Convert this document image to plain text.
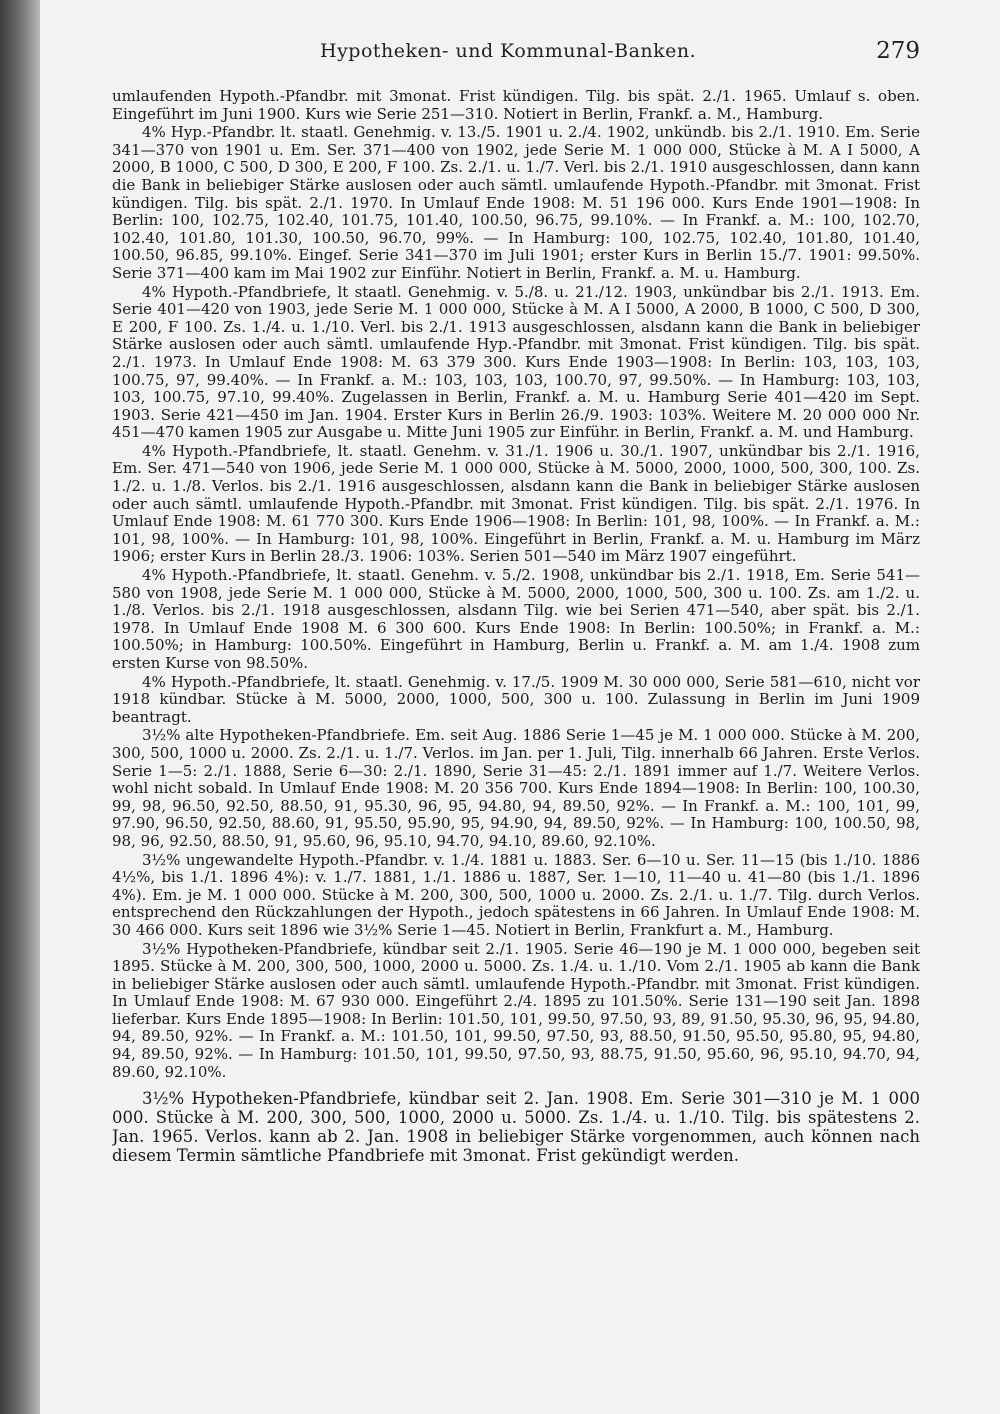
Hypotheken- und Kommunal-Banken.	279

umlaufenden Hypoth.-Pfandbr. mit 3monat. Frist kündigen. Tilg. bis spät. 2./1. 1965. Umlauf s. oben. Eingeführt im Juni 1900. Kurs wie Serie 251—310. Notiert in Berlin, Frankf. a. M., Hamburg.

4% Hyp.-Pfandbr. lt. staatl. Genehmig. v. 13./5. 1901 u. 2./4. 1902, unkündb. bis 2./1. 1910. Em. Serie 341—370 von 1901 u. Em. Ser. 371—400 von 1902, jede Serie M. 1 000 000, Stücke à M. A I 5000, A 2000, B 1000, C 500, D 300, E 200, F 100. Zs. 2./1. u. 1./7. Verl. bis 2./1. 1910 ausgeschlossen, dann kann die Bank in beliebiger Stärke auslosen oder auch sämtl. umlaufende Hypoth.-Pfandbr. mit 3monat. Frist kündigen. Tilg. bis spät. 2./1. 1970. In Umlauf Ende 1908: M. 51 196 000. Kurs Ende 1901—1908: In Berlin: 100, 102.75, 102.40, 101.75, 101.40, 100.50, 96.75, 99.10%. — In Frankf. a. M.: 100, 102.70, 102.40, 101.80, 101.30, 100.50, 96.70, 99%. — In Hamburg: 100, 102.75, 102.40, 101.80, 101.40, 100.50, 96.85, 99.10%. Eingef. Serie 341—370 im Juli 1901; erster Kurs in Berlin 15./7. 1901: 99.50%. Serie 371—400 kam im Mai 1902 zur Einführ. Notiert in Berlin, Frankf. a. M. u. Hamburg.

4% Hypoth.-Pfandbriefe, lt staatl. Genehmig. v. 5./8. u. 21./12. 1903, unkündbar bis 2./1. 1913. Em. Serie 401—420 von 1903, jede Serie M. 1 000 000, Stücke à M. A I 5000, A 2000, B 1000, C 500, D 300, E 200, F 100. Zs. 1./4. u. 1./10. Verl. bis 2./1. 1913 ausgeschlossen, alsdann kann die Bank in beliebiger Stärke auslosen oder auch sämtl. umlaufende Hyp.-Pfandbr. mit 3monat. Frist kündigen. Tilg. bis spät. 2./1. 1973. In Umlauf Ende 1908: M. 63 379 300. Kurs Ende 1903—1908: In Berlin: 103, 103, 103, 100.75, 97, 99.40%. — In Frankf. a. M.: 103, 103, 103, 100.70, 97, 99.50%. — In Hamburg: 103, 103, 103, 100.75, 97.10, 99.40%. Zugelassen in Berlin, Frankf. a. M. u. Hamburg Serie 401—420 im Sept. 1903. Serie 421—450 im Jan. 1904. Erster Kurs in Berlin 26./9. 1903: 103%. Weitere M. 20 000 000 Nr. 451—470 kamen 1905 zur Ausgabe u. Mitte Juni 1905 zur Einführ. in Berlin, Frankf. a. M. und Hamburg.

4% Hypoth.-Pfandbriefe, lt. staatl. Genehm. v. 31./1. 1906 u. 30./1. 1907, unkündbar bis 2./1. 1916, Em. Ser. 471—540 von 1906, jede Serie M. 1 000 000, Stücke à M. 5000, 2000, 1000, 500, 300, 100. Zs. 1./2. u. 1./8. Verlos. bis 2./1. 1916 ausgeschlossen, alsdann kann die Bank in beliebiger Stärke auslosen oder auch sämtl. umlaufende Hypoth.-Pfandbr. mit 3monat. Frist kündigen. Tilg. bis spät. 2./1. 1976. In Umlauf Ende 1908: M. 61 770 300. Kurs Ende 1906—1908: In Berlin: 101, 98, 100%. — In Frankf. a. M.: 101, 98, 100%. — In Hamburg: 101, 98, 100%. Eingeführt in Berlin, Frankf. a. M. u. Hamburg im März 1906; erster Kurs in Berlin 28./3. 1906: 103%. Serien 501—540 im März 1907 eingeführt.

4% Hypoth.-Pfandbriefe, lt. staatl. Genehm. v. 5./2. 1908, unkündbar bis 2./1. 1918, Em. Serie 541—580 von 1908, jede Serie M. 1 000 000, Stücke à M. 5000, 2000, 1000, 500, 300 u. 100. Zs. am 1./2. u. 1./8. Verlos. bis 2./1. 1918 ausgeschlossen, alsdann Tilg. wie bei Serien 471—540, aber spät. bis 2./1. 1978. In Umlauf Ende 1908 M. 6 300 600. Kurs Ende 1908: In Berlin: 100.50%; in Frankf. a. M.: 100.50%; in Hamburg: 100.50%. Eingeführt in Hamburg, Berlin u. Frankf. a. M. am 1./4. 1908 zum ersten Kurse von 98.50%.

4% Hypoth.-Pfandbriefe, lt. staatl. Genehmig. v. 17./5. 1909 M. 30 000 000, Serie 581—610, nicht vor 1918 kündbar. Stücke à M. 5000, 2000, 1000, 500, 300 u. 100. Zulassung in Berlin im Juni 1909 beantragt.

3½% alte Hypotheken-Pfandbriefe. Em. seit Aug. 1886 Serie 1—45 je M. 1 000 000. Stücke à M. 200, 300, 500, 1000 u. 2000. Zs. 2./1. u. 1./7. Verlos. im Jan. per 1. Juli, Tilg. innerhalb 66 Jahren. Erste Verlos. Serie 1—5: 2./1. 1888, Serie 6—30: 2./1. 1890, Serie 31—45: 2./1. 1891 immer auf 1./7. Weitere Verlos. wohl nicht sobald. In Umlauf Ende 1908: M. 20 356 700. Kurs Ende 1894—1908: In Berlin: 100, 100.30, 99, 98, 96.50, 92.50, 88.50, 91, 95.30, 96, 95, 94.80, 94, 89.50, 92%. — In Frankf. a. M.: 100, 101, 99, 97.90, 96.50, 92.50, 88.60, 91, 95.50, 95.90, 95, 94.90, 94, 89.50, 92%. — In Hamburg: 100, 100.50, 98, 98, 96, 92.50, 88.50, 91, 95.60, 96, 95.10, 94.70, 94.10, 89.60, 92.10%.

3½% ungewandelte Hypoth.-Pfandbr. v. 1./4. 1881 u. 1883. Ser. 6—10 u. Ser. 11—15 (bis 1./10. 1886 4½%, bis 1./1. 1896 4%): v. 1./7. 1881, 1./1. 1886 u. 1887, Ser. 1—10, 11—40 u. 41—80 (bis 1./1. 1896 4%). Em. je M. 1 000 000. Stücke à M. 200, 300, 500, 1000 u. 2000. Zs. 2./1. u. 1./7. Tilg. durch Verlos. entsprechend den Rückzahlungen der Hypoth., jedoch spätestens in 66 Jahren. In Umlauf Ende 1908: M. 30 466 000. Kurs seit 1896 wie 3½% Serie 1—45. Notiert in Berlin, Frankfurt a. M., Hamburg.

3½% Hypotheken-Pfandbriefe, kündbar seit 2./1. 1905. Serie 46—190 je M. 1 000 000, begeben seit 1895. Stücke à M. 200, 300, 500, 1000, 2000 u. 5000. Zs. 1./4. u. 1./10. Vom 2./1. 1905 ab kann die Bank in beliebiger Stärke auslosen oder auch sämtl. umlaufende Hypoth.-Pfandbr. mit 3monat. Frist kündigen. In Umlauf Ende 1908: M. 67 930 000. Eingeführt 2./4. 1895 zu 101.50%. Serie 131—190 seit Jan. 1898 lieferbar. Kurs Ende 1895—1908: In Berlin: 101.50, 101, 99.50, 97.50, 93, 89, 91.50, 95.30, 96, 95, 94.80, 94, 89.50, 92%. — In Frankf. a. M.: 101.50, 101, 99.50, 97.50, 93, 88.50, 91.50, 95.50, 95.80, 95, 94.80, 94, 89.50, 92%. — In Hamburg: 101.50, 101, 99.50, 97.50, 93, 88.75, 91.50, 95.60, 96, 95.10, 94.70, 94, 89.60, 92.10%.

3½% Hypotheken-Pfandbriefe, kündbar seit 2. Jan. 1908. Em. Serie 301—310 je M. 1 000 000. Stücke à M. 200, 300, 500, 1000, 2000 u. 5000. Zs. 1./4. u. 1./10. Tilg. bis spätestens 2. Jan. 1965. Verlos. kann ab 2. Jan. 1908 in beliebiger Stärke vorgenommen, auch können nach diesem Termin sämtliche Pfandbriefe mit 3monat. Frist gekündigt werden.
